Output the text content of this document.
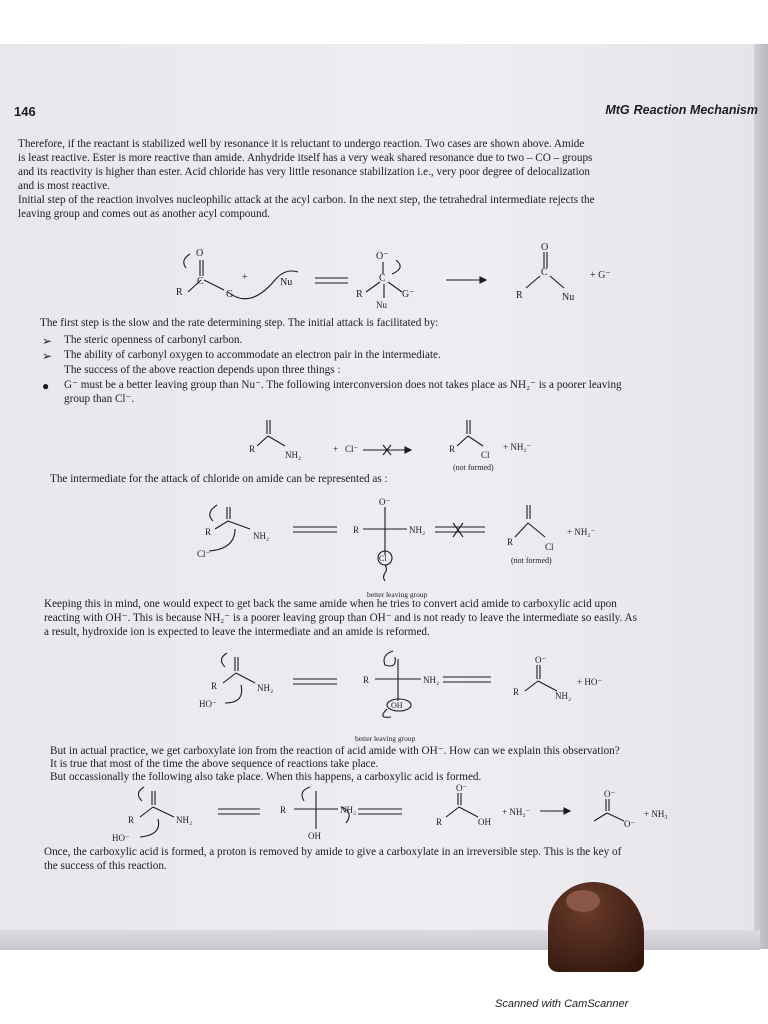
146	MtG Reaction Mechanism

Therefore, if the reactant is stabilized well by resonance it is reluctant to undergo reaction. Two cases are shown above. Amide

is least reactive. Ester is more reactive than amide. Anhydride itself has a very weak shared resonance due to two – CO – groups

and its reactivity is higher than ester. Acid chloride has very little resonance stabilization i.e., very poor degree of delocalization

and is most reactive.

Initial step of the reaction involves nucleophilic attack at the acyl carbon. In the next step, the tetrahedral intermediate rejects the

leaving group and comes out as another acyl compound.

O
C
R	G
+	Nu
O⁻
C
R
Nu
G⁻
O
C
R	Nu
+ G⁻

The first step is the slow and the rate determining step. The initial attack is facilitated by:

➢ The steric openness of carbonyl carbon.

➢ The ability of carbonyl oxygen to accommodate an electron pair in the intermediate.

The success of the above reaction depends upon three things :

● G⁻ must be a better leaving group than Nu⁻. The following interconversion does not takes place as NH₂⁻ is a poorer leaving

group than Cl⁻.

R
NH₂
+ Cl⁻	R
Cl
+ NH₂⁻
(not formed)

The intermediate for the attack of chloride on amide can be represented as :

R	NH₂
Cl⁻
O⁻
R	NH₂
Cl
better leaving group
R	Cl
+ NH₂⁻
(not formed)

Keeping this in mind, one would expect to get back the same amide when he tries to convert acid amide to carboxylic acid upon

reacting with OH⁻. This is because NH₂⁻ is a poorer leaving group than OH⁻ and is not ready to leave the intermediate so easily. As

a result, hydroxide ion is expected to leave the intermediate and an amide is reformed.

R	NH₂
HO⁻
R	NH₂
OH
better leaving group
O⁻
R	NH₂
+ HO⁻

But in actual practice, we get carboxylate ion from the reaction of acid amide with OH⁻. How can we explain this observation?

It is true that most of the time the above sequence of reactions take place.

But occassionally the following also take place. When this happens, a carboxylic acid is formed.

R	NH₂
HO⁻
R	NH₂
OH
O⁻
R	OH
+ NH₂⁻
O⁻
O⁻
+ NH₃

Once, the carboxylic acid is formed, a proton is removed by amide to give a carboxylate in an irreversible step. This is the key of

the success of this reaction.

Scanned with CamScanner
